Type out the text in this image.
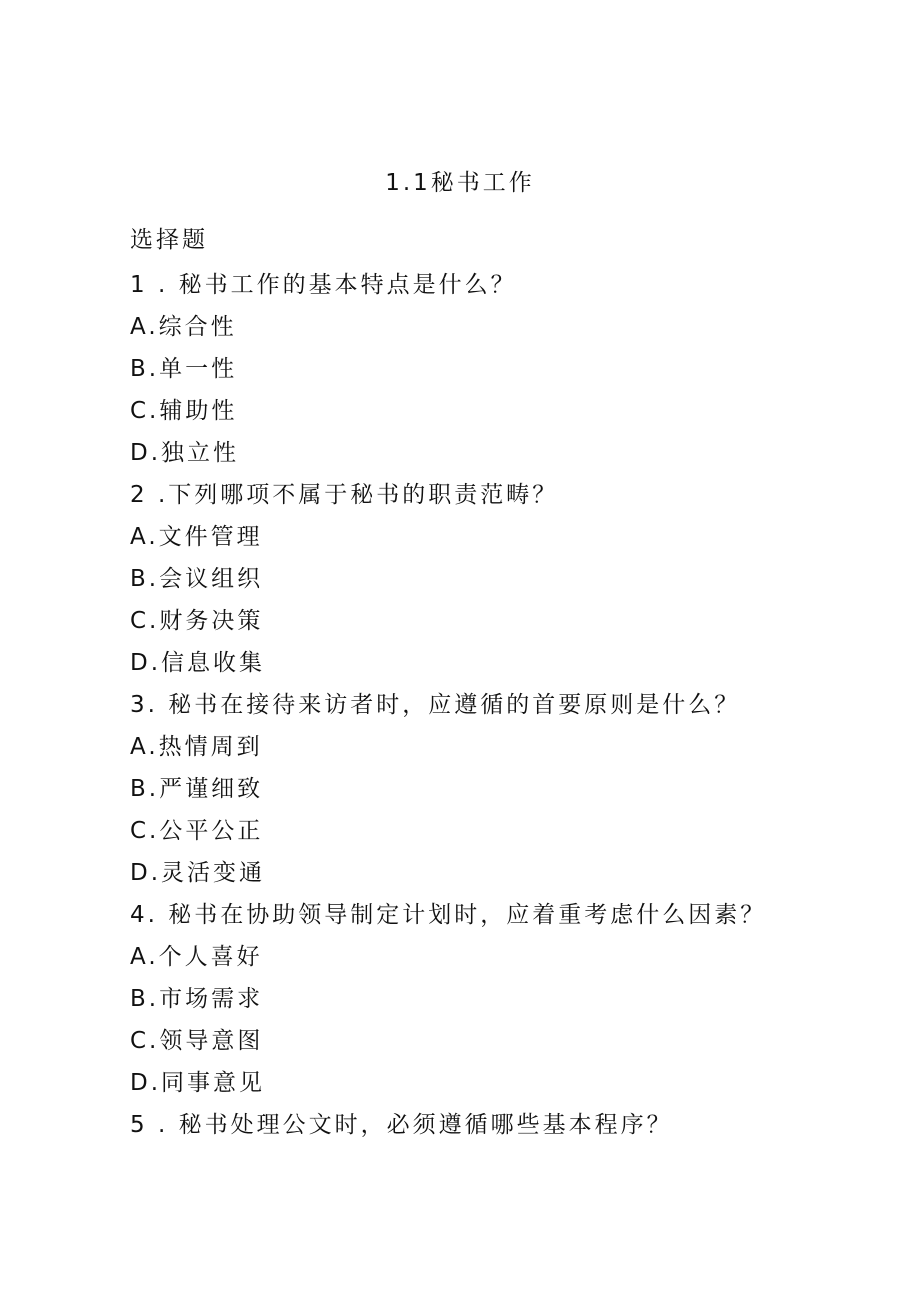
1.1秘书工作
选择题
1 . 秘书工作的基本特点是什么？
A.综合性
B.单一性
C.辅助性
D.独立性
2 .下列哪项不属于秘书的职责范畴？
A.文件管理
B.会议组织
C.财务决策
D.信息收集
3. 秘书在接待来访者时，应遵循的首要原则是什么？
A.热情周到
B.严谨细致
C.公平公正
D.灵活变通
4. 秘书在协助领导制定计划时，应着重考虑什么因素？
A.个人喜好
B.市场需求
C.领导意图
D.同事意见
5 . 秘书处理公文时，必须遵循哪些基本程序？
